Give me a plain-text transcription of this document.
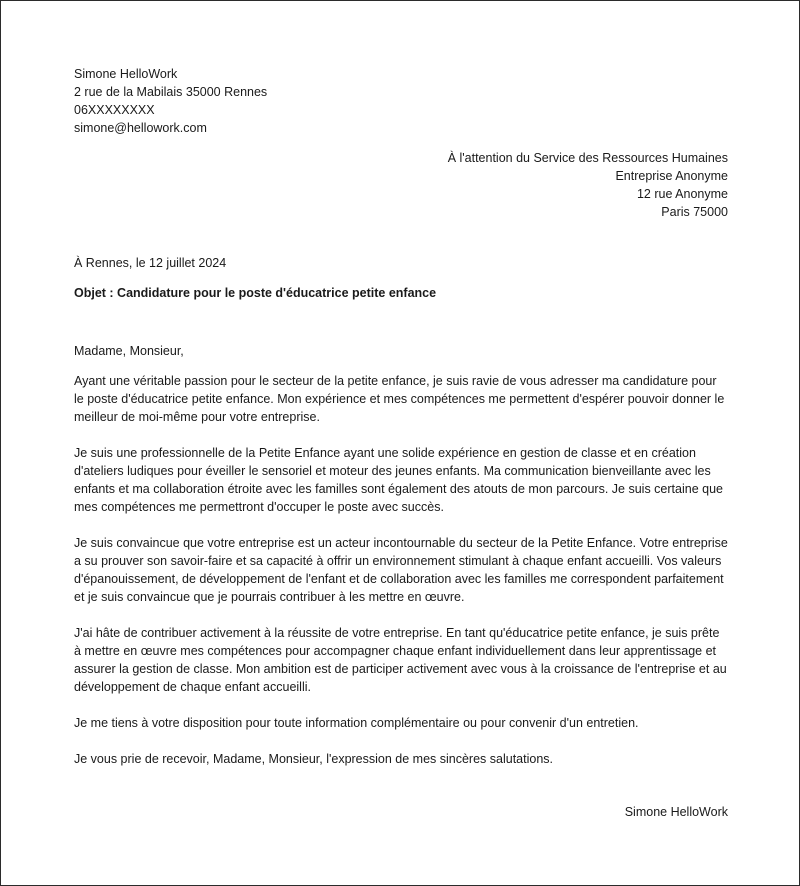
Simone HelloWork
2 rue de la Mabilais 35000 Rennes
06XXXXXXXX
simone@hellowork.com
À l'attention du Service des Ressources Humaines
Entreprise Anonyme
12 rue Anonyme
Paris 75000
À Rennes, le 12 juillet 2024
Objet : Candidature pour le poste d'éducatrice petite enfance
Madame, Monsieur,

Ayant une véritable passion pour le secteur de la petite enfance, je suis ravie de vous adresser ma candidature pour le poste d'éducatrice petite enfance. Mon expérience et mes compétences me permettent d'espérer pouvoir donner le meilleur de moi-même pour votre entreprise.

Je suis une professionnelle de la Petite Enfance ayant une solide expérience en gestion de classe et en création d'ateliers ludiques pour éveiller le sensoriel et moteur des jeunes enfants. Ma communication bienveillante avec les enfants et ma collaboration étroite avec les familles sont également des atouts de mon parcours. Je suis certaine que mes compétences me permettront d'occuper le poste avec succès.

Je suis convaincue que votre entreprise est un acteur incontournable du secteur de la Petite Enfance. Votre entreprise a su prouver son savoir-faire et sa capacité à offrir un environnement stimulant à chaque enfant accueilli. Vos valeurs d'épanouissement, de développement de l'enfant et de collaboration avec les familles me correspondent parfaitement et je suis convaincue que je pourrais contribuer à les mettre en œuvre.

J'ai hâte de contribuer activement à la réussite de votre entreprise. En tant qu'éducatrice petite enfance, je suis prête à mettre en œuvre mes compétences pour accompagner chaque enfant individuellement dans leur apprentissage et assurer la gestion de classe. Mon ambition est de participer activement avec vous à la croissance de l'entreprise et au développement de chaque enfant accueilli.

Je me tiens à votre disposition pour toute information complémentaire ou pour convenir d'un entretien.

Je vous prie de recevoir, Madame, Monsieur, l'expression de mes sincères salutations.

Simone HelloWork
